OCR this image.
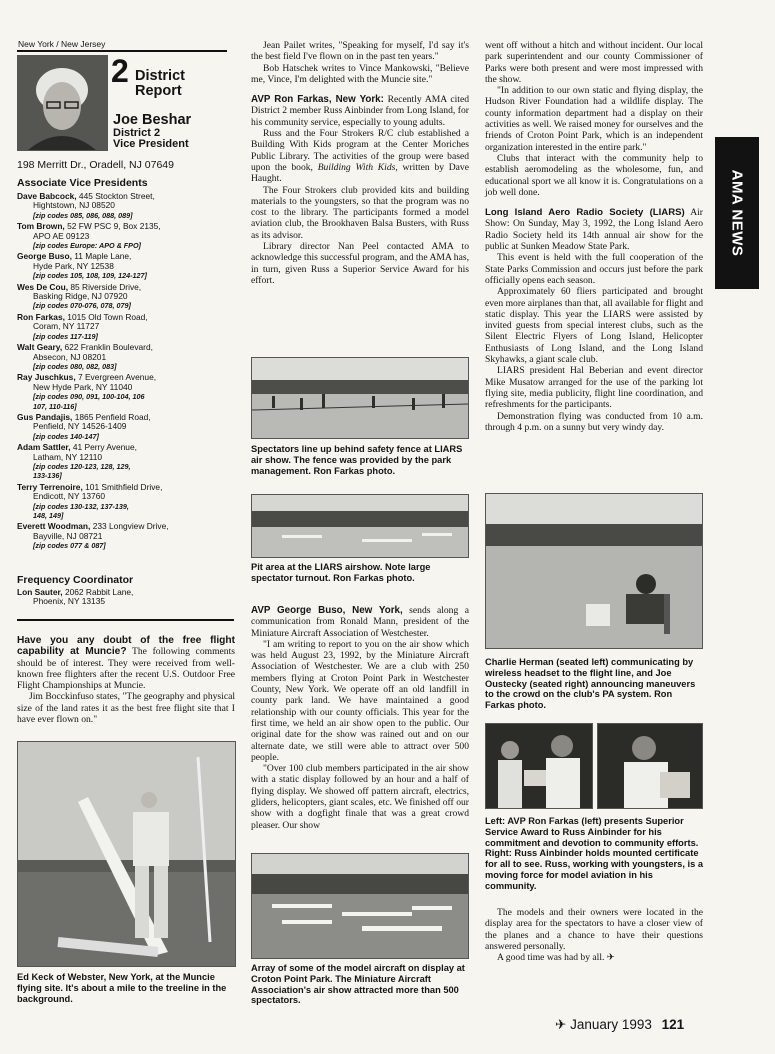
New York / New Jersey
2 District
Report
Joe Beshar
District 2
Vice President
198 Merritt Dr., Oradell, NJ 07649
Associate Vice Presidents
Dave Babcock, 445 Stockton Street,
Hightstown, NJ 08520
[zip codes 085, 086, 088, 089]
Tom Brown, 52 FW PSC 9, Box 2135,
APO AE 09123
[zip codes Europe: APO & FPO]
George Buso, 11 Maple Lane,
Hyde Park, NY 12538
[zip codes 105, 108, 109, 124-127]
Wes De Cou, 85 Riverside Drive,
Basking Ridge, NJ 07920
[zip codes 070-076, 078, 079]
Ron Farkas, 1015 Old Town Road,
Coram, NY 11727
[zip codes 117-119]
Walt Geary, 622 Franklin Boulevard,
Absecon, NJ 08201
[zip codes 080, 082, 083]
Ray Juschkus, 7 Evergreen Avenue,
New Hyde Park, NY 11040
[zip codes 090, 091, 100-104, 106
107, 110-116]
Gus Pandajis, 1865 Penfield Road,
Penfield, NY 14526-1409
[zip codes 140-147]
Adam Sattler, 41 Perry Avenue,
Latham, NY 12110
[zip codes 120-123, 128, 129,
133-136]
Terry Terrenoire, 101 Smithfield Drive,
Endicott, NY 13760
[zip codes 130-132, 137-139,
148, 149]
Everett Woodman, 233 Longview Drive,
Bayville, NJ 08721
[zip codes 077 & 087]
Frequency Coordinator
Lon Sauter, 2062 Rabbit Lane,
Phoenix, NY 13135

Have you any doubt of the free flight capability at Muncie? The following comments should be of interest. They were received from well-known free flighters after the recent U.S. Outdoor Free Flight Championships at Muncie.

Jim Bocckinfuso states, "The geography and physical size of the land rates it as the best free flight site that I have ever flown on."

Ed Keck of Webster, New York, at the Muncie flying site. It's about a mile to the treeline in the background.

Jean Pailet writes, "Speaking for myself, I'd say it's the best field I've flown on in the past ten years."

Bob Hatschek writes to Vince Mankowski, "Believe me, Vince, I'm delighted with the Muncie site."

AVP Ron Farkas, New York: Recently AMA cited District 2 member Russ Ainbinder from Long Island, for his community service, especially to young adults.

Russ and the Four Strokers R/C club established a Building With Kids program at the Center Moriches Public Library. The activities of the group were based upon the book, Building With Kids, written by Dave Haught.

The Four Strokers club provided kits and building materials to the youngsters, so that the program was no cost to the library. The participants formed a model aviation club, the Brookhaven Balsa Busters, with Russ as its advisor.

Library director Nan Peel contacted AMA to acknowledge this successful program, and the AMA has, in turn, given Russ a Superior Service Award for his effort.

Spectators line up behind safety fence at LIARS air show. The fence was provided by the park management. Ron Farkas photo.
Pit area at the LIARS airshow. Note large spectator turnout. Ron Farkas photo.

AVP George Buso, New York, sends along a communication from Ronald Mann, president of the Miniature Aircraft Association of Westchester.

"I am writing to report to you on the air show which was held August 23, 1992, by the Miniature Aircraft Association of Westchester. We are a club with 250 members flying at Croton Point Park in Westchester County, New York. We operate off an old landfill in county park land. We have maintained a good relationship with our county officials. This year for the first time, we held an air show open to the public. Our original date for the show was rained out and on our alternate date, we still were able to attract over 500 people.

"Over 100 club members participated in the air show with a static display followed by an hour and a half of flying display. We showed off pattern aircraft, electrics, gliders, helicopters, giant scales, etc. We finished off our show with a dogfight finale that was a great crowd pleaser. Our show

Array of some of the model aircraft on display at Croton Point Park. The Miniature Aircraft Association's air show attracted more than 500 spectators.

went off without a hitch and without incident. Our local park superintendent and our county Commissioner of Parks were both present and were most impressed with the show.

"In addition to our own static and flying display, the Hudson River Foundation had a wildlife display. The county information department had a display on their activities as well. We raised money for ourselves and the friends of Croton Point Park, which is an independent organization interested in the entire park."

Clubs that interact with the community help to establish aeromodeling as the wholesome, fun, and educational sport we all know it is. Congratulations on a job well done.

Long Island Aero Radio Society (LIARS) Air Show: On Sunday, May 3, 1992, the Long Island Aero Radio Society held its 14th annual air show for the public at Sunken Meadow State Park.

This event is held with the full cooperation of the State Parks Commission and occurs just before the park officially opens each season.

Approximately 60 fliers participated and brought even more airplanes than that, all available for flight and static display. This year the LIARS were assisted by invited guests from special interest clubs, such as the Silent Electric Flyers of Long Island, Helicopter Enthusiasts of Long Island, and the Long Island Skyhawks, a giant scale club.

LIARS president Hal Beberian and event director Mike Musatow arranged for the use of the parking lot flying site, media publicity, flight line coordination, and refreshments for the participants.

Demonstration flying was conducted from 10 a.m. through 4 p.m. on a sunny but very windy day.

Charlie Herman (seated left) communicating by wireless headset to the flight line, and Joe Oustecky (seated right) announcing maneuvers to the crowd on the club's PA system. Ron Farkas photo.
Left: AVP Ron Farkas (left) presents Superior Service Award to Russ Ainbinder for his commitment and devotion to community efforts. Right: Russ Ainbinder holds mounted certificate for all to see. Russ, working with youngsters, is a moving force for model aviation in his community.

The models and their owners were located in the display area for the spectators to have a closer view of the planes and a chance to have their questions answered personally.

A good time was had by all. ✈

AMA NEWS
✈ January 1993 121
